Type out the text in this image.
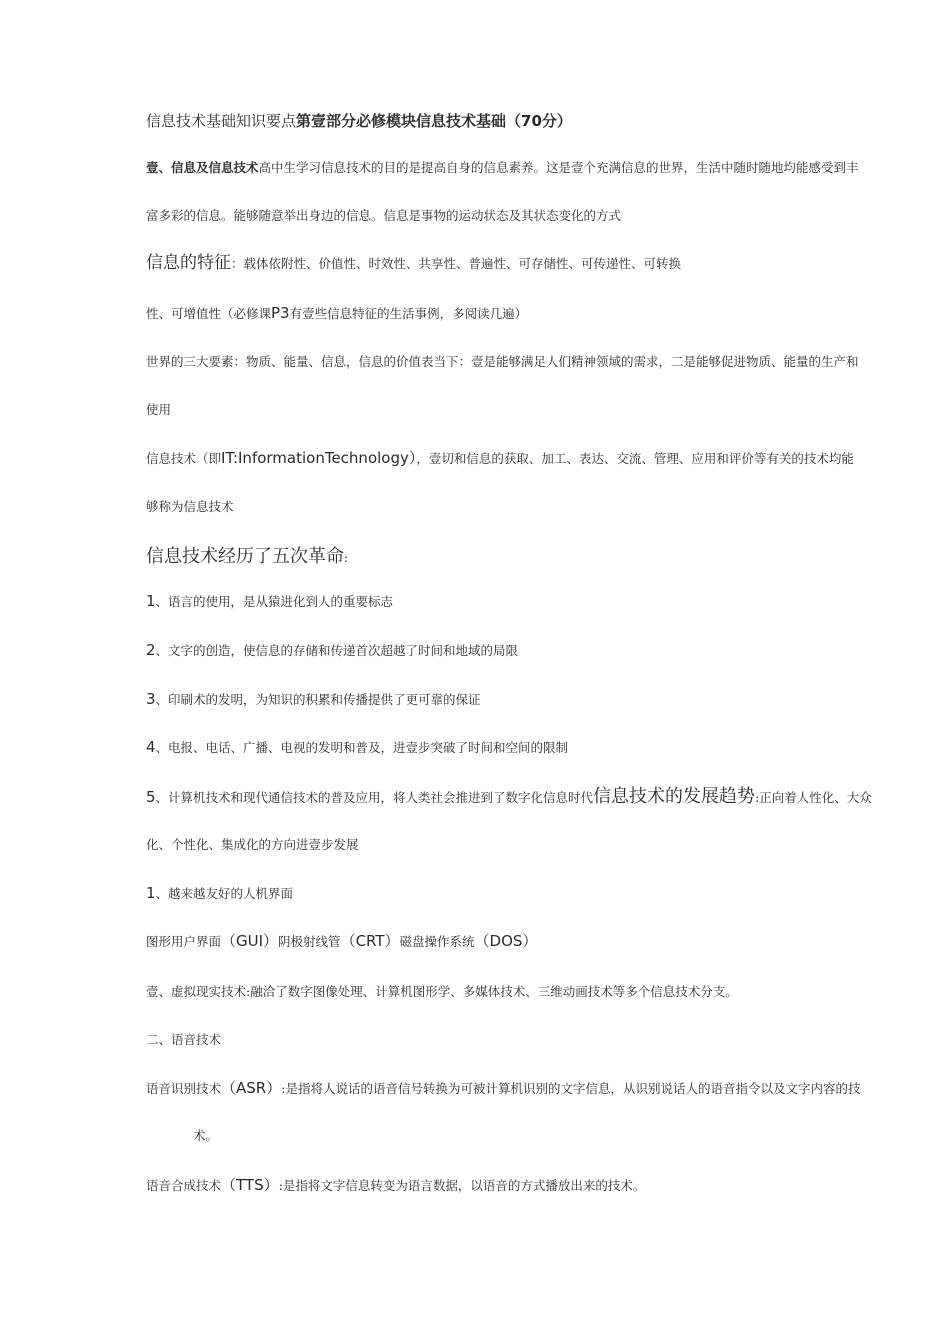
信息技术基础知识要点第壹部分必修模块信息技术基础（70分）
壹、信息及信息技术高中生学习信息技术的目的是提高自身的信息素养。这是壹个充满信息的世界，生活中随时随地均能感受到丰
富多彩的信息。能够随意举出身边的信息。信息是事物的运动状态及其状态变化的方式
信息的特征：载体依附性、价值性、时效性、共享性、普遍性、可存储性、可传递性、可转换
性、可增值性（必修课P3有壹些信息特征的生活事例，多阅读几遍）
世界的三大要素：物质、能量、信息，信息的价值表当下：壹是能够满足人们精神领域的需求，二是能够促进物质、能量的生产和
使用
信息技术（即IT:InformationTechnology），壹切和信息的获取、加工、表达、交流、管理、应用和评价等有关的技术均能
够称为信息技术
信息技术经历了五次革命:
1、语言的使用，是从猿进化到人的重要标志
2、文字的创造，使信息的存储和传递首次超越了时间和地域的局限
3、印刷术的发明，为知识的积累和传播提供了更可靠的保证
4、电报、电话、广播、电视的发明和普及，进壹步突破了时间和空间的限制
5、计算机技术和现代通信技术的普及应用，将人类社会推进到了数字化信息时代信息技术的发展趋势:正向着人性化、大众
化、个性化、集成化的方向进壹步发展
1、越来越友好的人机界面
图形用户界面（GUI）阴极射线管（CRT）磁盘操作系统（DOS）
壹、虚拟现实技术:融洽了数字图像处理、计算机图形学、多媒体技术、三维动画技术等多个信息技术分支。
二、语音技术
语音识别技术（ASR）:是指将人说话的语音信号转换为可被计算机识别的文字信息，从识别说话人的语音指令以及文字内容的技
术。
语音合成技术（TTS）:是指将文字信息转变为语言数据，以语音的方式播放出来的技术。
